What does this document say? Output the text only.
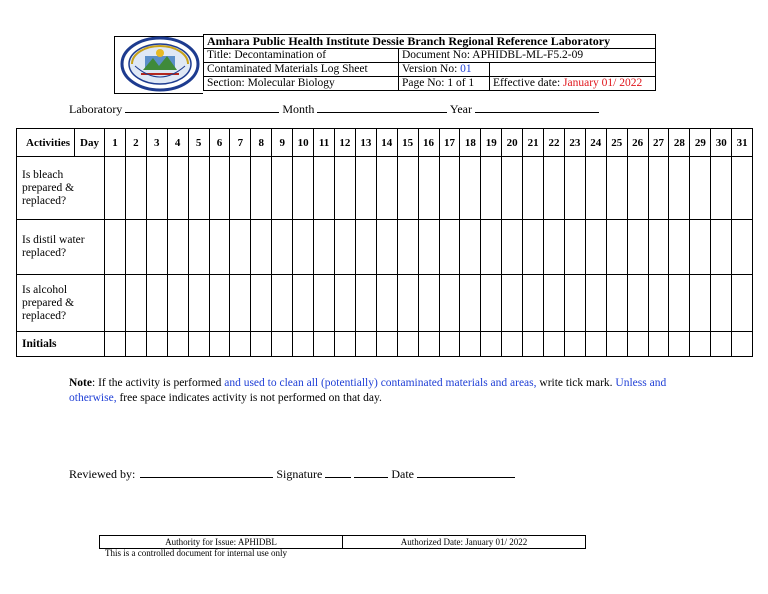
Amhara Public Health Institute Dessie Branch Regional Reference Laboratory		
Title: Decontamination of	Document No: APHIDBL-ML-F5.2-09	
Contaminated Materials Log Sheet	Version No: 01	
Section: Molecular Biology	Page No: 1 of 1	Effective date: January 01/ 2022
Laboratory	Month	Year
Activities	Day	1	2	3	4	5	6	7	8	9	10	11	12	13	14	15	16	17	18	19	20	21	22	23	24	25	26	27	28	29	30	31
Is bleach prepared & replaced?																																
Is distil water replaced?																																
Is alcohol prepared & replaced?																																
Initials																																
Note: If the activity is performed and used to clean all (potentially) contaminated materials and areas, write tick mark. Unless and otherwise, free space indicates activity is not performed on that day.
Reviewed by:	Signature	Date
Authority for Issue: APHIDBL	Authorized Date: January 01/ 2022
This is a controlled document for internal use only
